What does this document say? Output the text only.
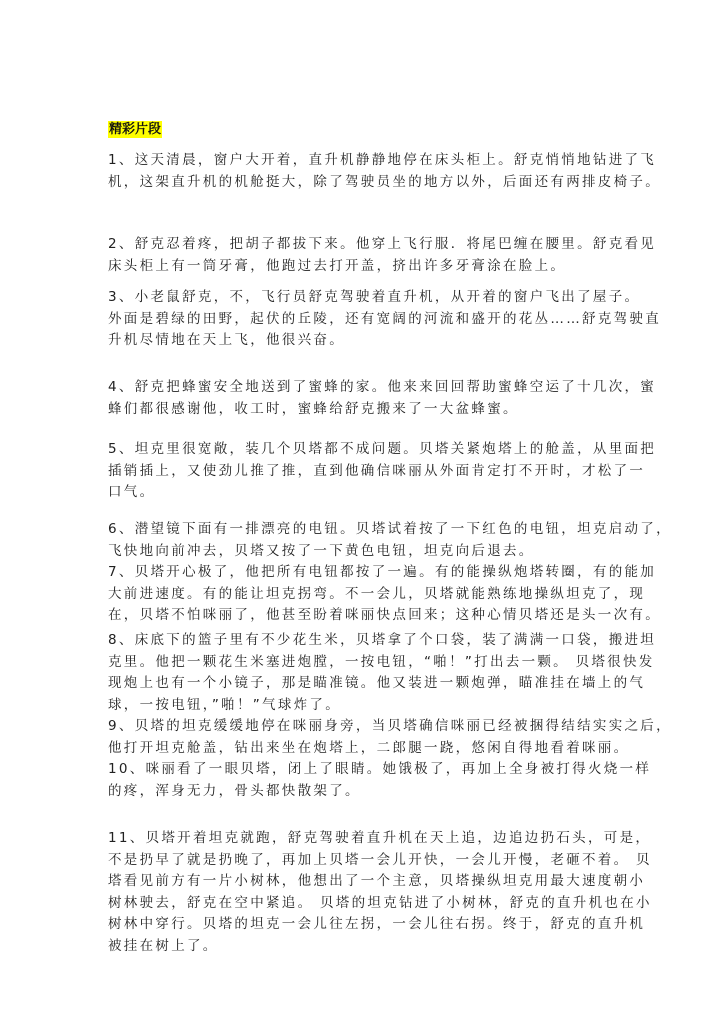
精彩片段
1、这天清晨，窗户大开着，直升机静静地停在床头柜上。舒克悄悄地钻进了飞
机，这架直升机的机舱挺大，除了驾驶员坐的地方以外，后面还有两排皮椅子。
2、舒克忍着疼，把胡子都拔下来。他穿上飞行服．将尾巴缠在腰里。舒克看见
床头柜上有一筒牙膏，他跑过去打开盖，挤出许多牙膏涂在脸上。
3、小老鼠舒克，不，飞行员舒克驾驶着直升机，从开着的窗户飞出了屋子。
外面是碧绿的田野，起伏的丘陵，还有宽阔的河流和盛开的花丛……舒克驾驶直
升机尽情地在天上飞，他很兴奋。
4、舒克把蜂蜜安全地送到了蜜蜂的家。他来来回回帮助蜜蜂空运了十几次，蜜
蜂们都很感谢他，收工时，蜜蜂给舒克搬来了一大盆蜂蜜。
5、坦克里很宽敞，装几个贝塔都不成问题。贝塔关紧炮塔上的舱盖，从里面把
插销插上，又使劲儿推了推，直到他确信咪丽从外面肯定打不开时，才松了一
口气。
6、潜望镜下面有一排漂亮的电钮。贝塔试着按了一下红色的电钮，坦克启动了，
飞快地向前冲去，贝塔又按了一下黄色电钮，坦克向后退去。
7、贝塔开心极了，他把所有电钮都按了一遍。有的能操纵炮塔转圈，有的能加
大前进速度。有的能让坦克拐弯。不一会儿，贝塔就能熟练地操纵坦克了，现
在，贝塔不怕咪丽了，他甚至盼着咪丽快点回来；这种心情贝塔还是头一次有。
8、床底下的篮子里有不少花生米，贝塔拿了个口袋，装了满满一口袋，搬进坦
克里。他把一颗花生米塞进炮膛，一按电钮，“啪！”打出去一颗。 贝塔很快发
现炮上也有一个小镜子，那是瞄准镜。他又装进一颗炮弹，瞄准挂在墙上的气
球，一按电钮，”啪！”气球炸了。
9、贝塔的坦克缓缓地停在咪丽身旁，当贝塔确信咪丽已经被捆得结结实实之后，
他打开坦克舱盖，钻出来坐在炮塔上，二郎腿一跷，悠闲自得地看着咪丽。
10、咪丽看了一眼贝塔，闭上了眼睛。她饿极了，再加上全身被打得火烧一样
的疼，浑身无力，骨头都快散架了。
11、贝塔开着坦克就跑，舒克驾驶着直升机在天上追，边追边扔石头，可是，
不是扔早了就是扔晚了，再加上贝塔一会儿开快，一会儿开慢，老砸不着。 贝
塔看见前方有一片小树林，他想出了一个主意，贝塔操纵坦克用最大速度朝小
树林驶去，舒克在空中紧追。 贝塔的坦克钻进了小树林，舒克的直升机也在小
树林中穿行。贝塔的坦克一会儿往左拐，一会儿往右拐。终于，舒克的直升机
被挂在树上了。
